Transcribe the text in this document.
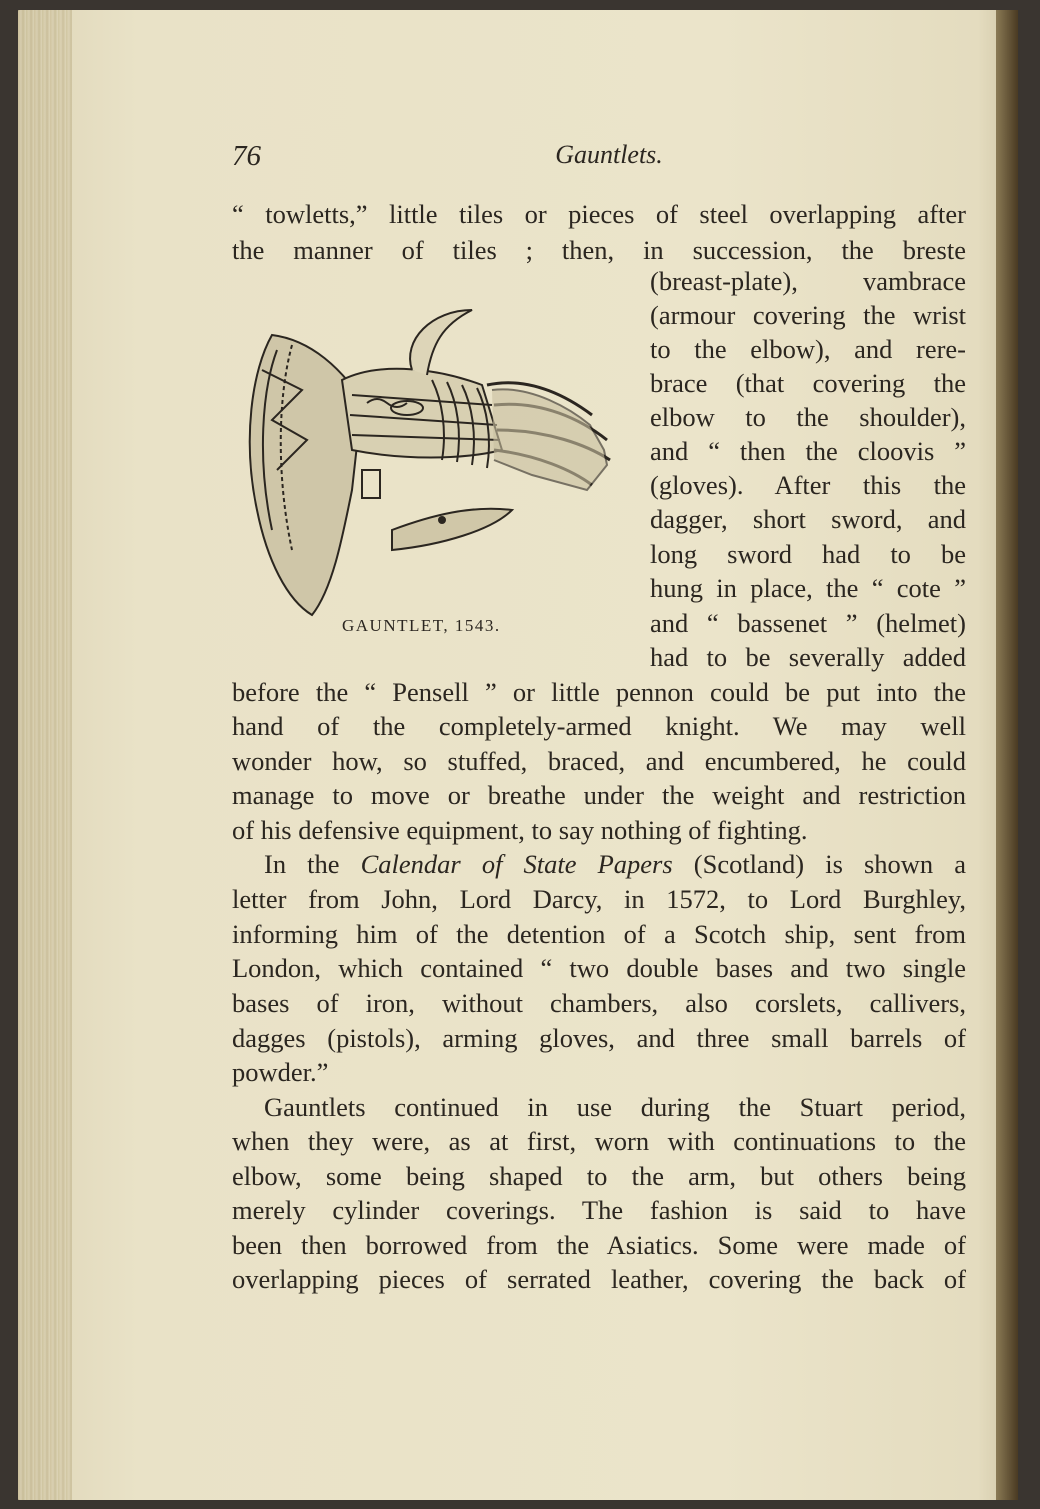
76	Gauntlets.
“ towletts,” little tiles or pieces of steel overlapping after
the manner of tiles ; then, in succession, the breste
(breast-plate), vambrace
(armour covering the wrist
to the elbow), and rere-
brace (that covering the
elbow to the shoulder),
and “ then the cloovis ”
(gloves). After this the
dagger, short sword, and
long sword had to be
hung in place, the “ cote ”
and “ bassenet ” (helmet)
had to be severally added
before the “ Pensell ” or little pennon could be put into the
hand of the completely-armed knight. We may well
wonder how, so stuffed, braced, and encumbered, he could
manage to move or breathe under the weight and restriction
of his defensive equipment, to say nothing of fighting.
In the Calendar of State Papers (Scotland) is shown a
letter from John, Lord Darcy, in 1572, to Lord Burghley,
informing him of the detention of a Scotch ship, sent from
London, which contained “ two double bases and two single
bases of iron, without chambers, also corslets, callivers,
dagges (pistols), arming gloves, and three small barrels of
powder.”
Gauntlets continued in use during the Stuart period,
when they were, as at first, worn with continuations to the
elbow, some being shaped to the arm, but others being
merely cylinder coverings. The fashion is said to have
been then borrowed from the Asiatics. Some were made of
overlapping pieces of serrated leather, covering the back of
GAUNTLET, 1543.
